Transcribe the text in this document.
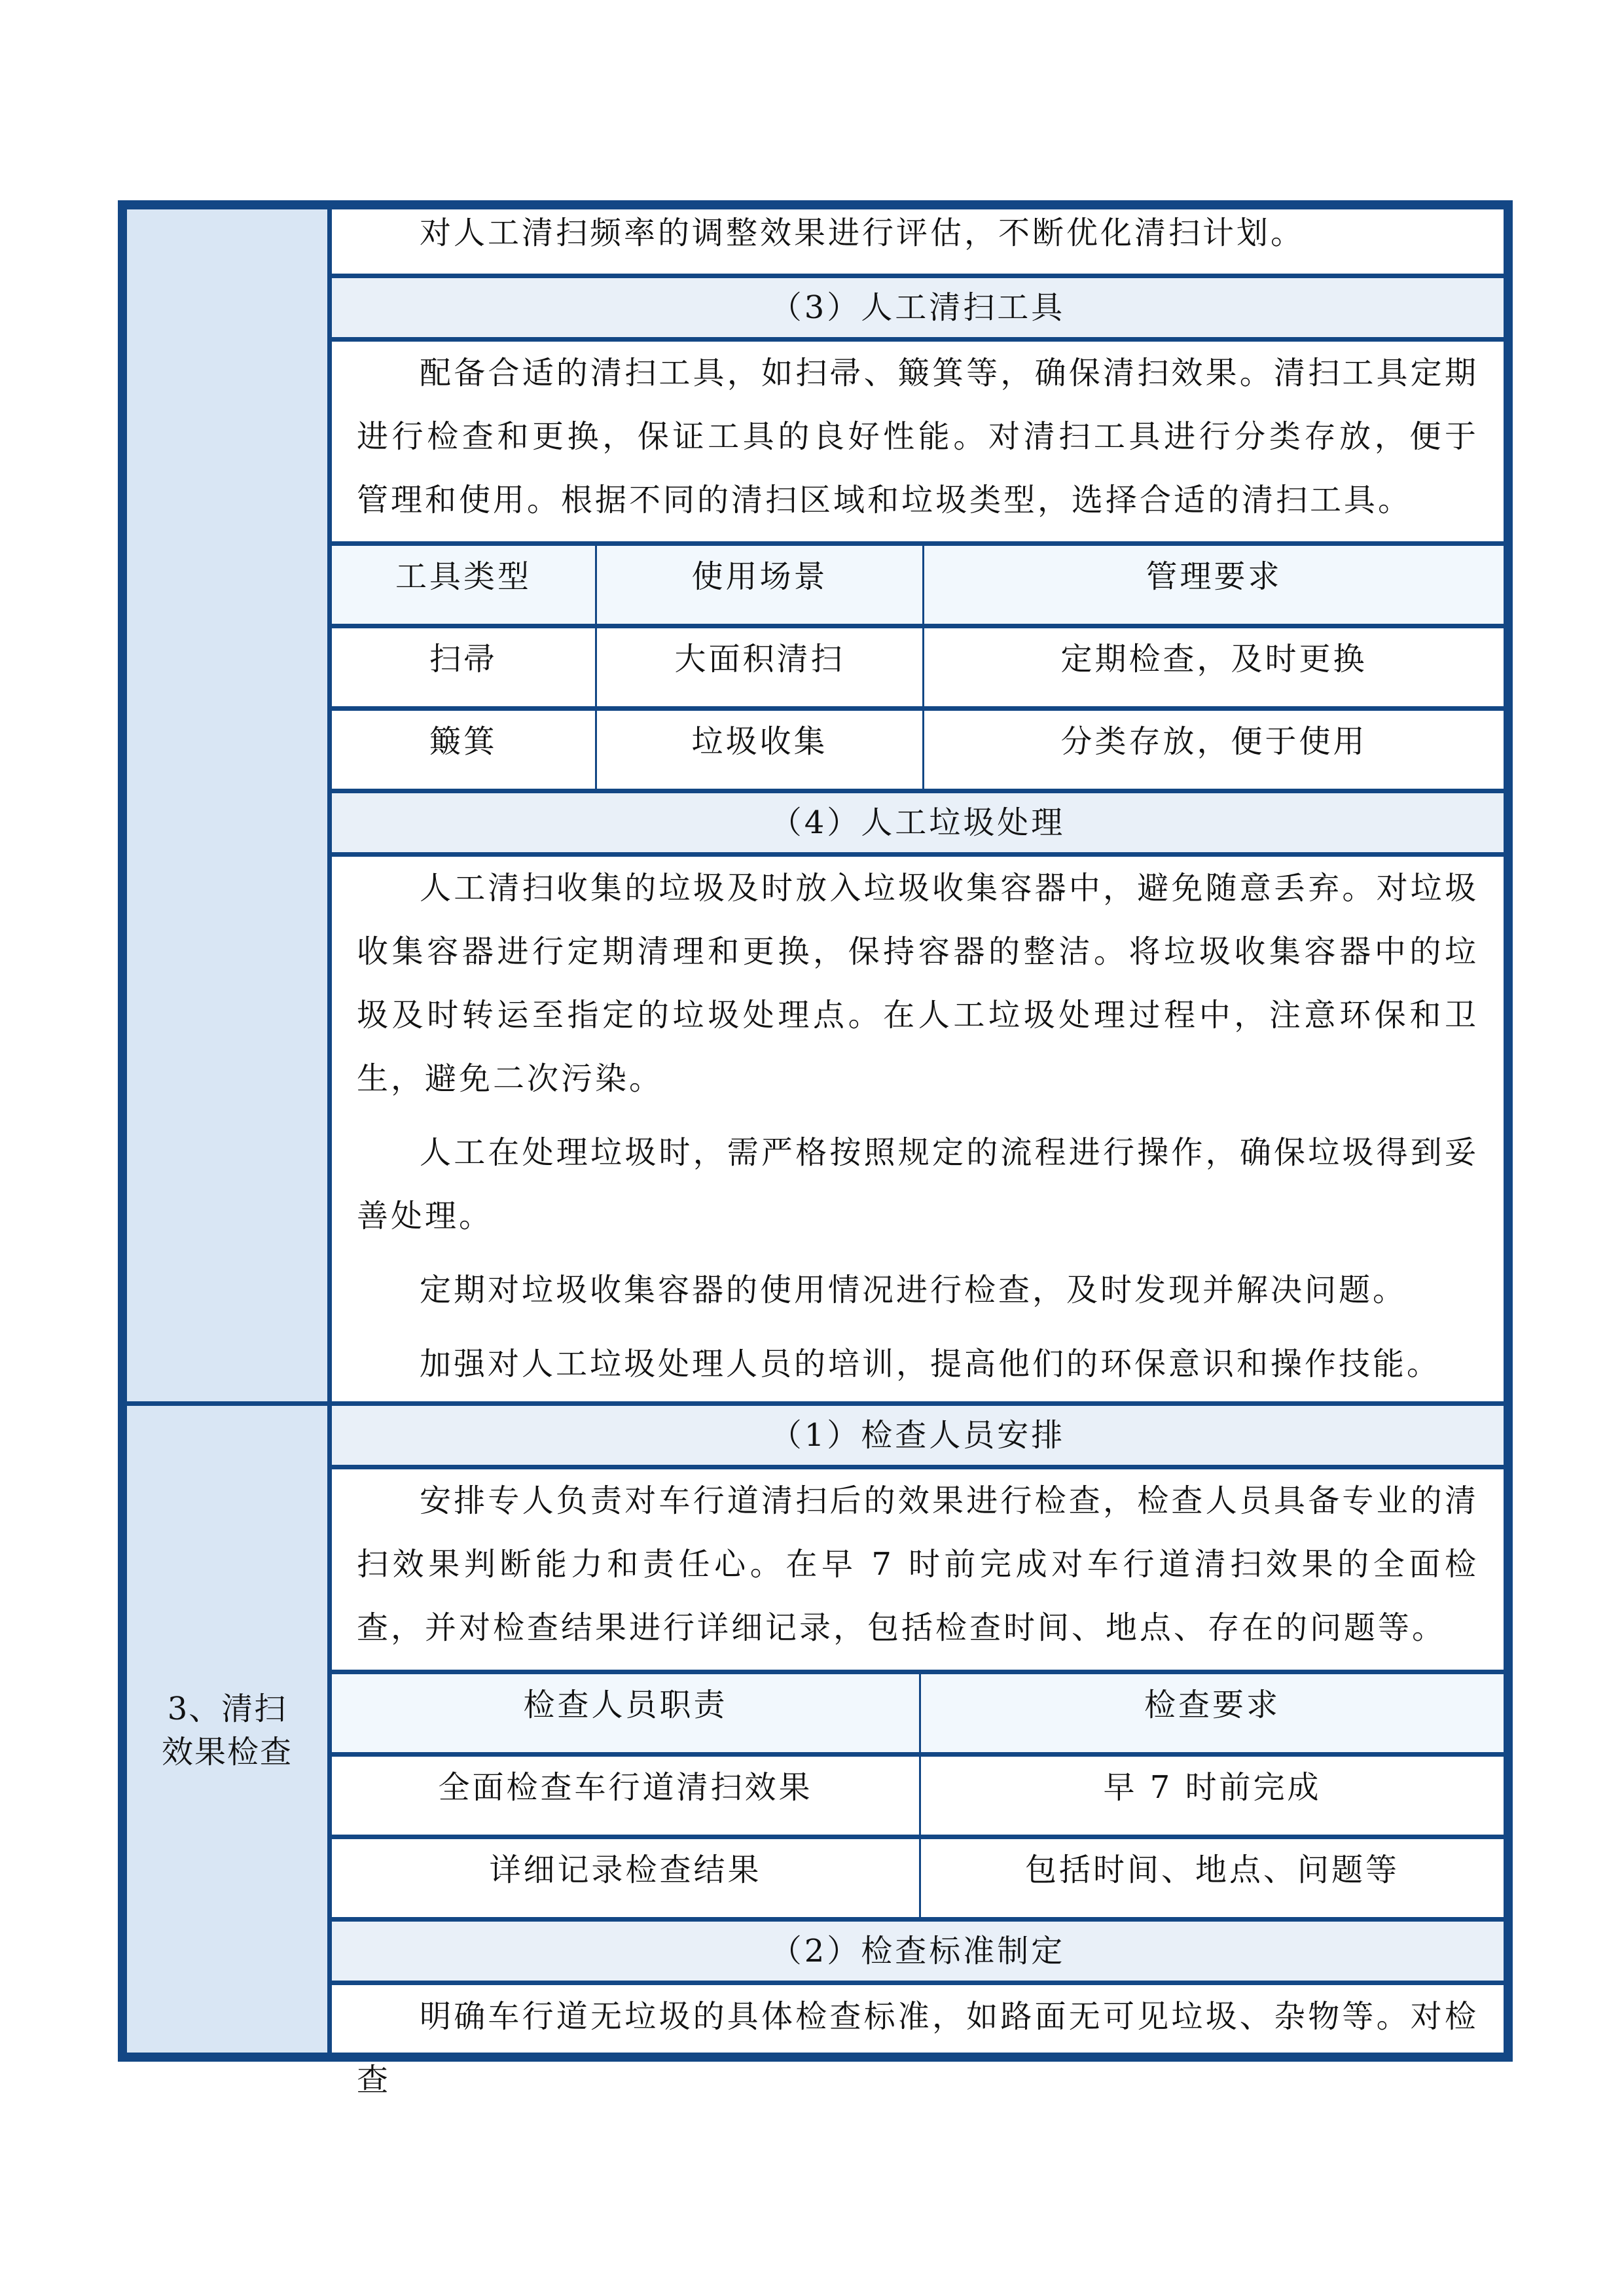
3、清扫效果检查

对人工清扫频率的调整效果进行评估，不断优化清扫计划。

（3）人工清扫工具

配备合适的清扫工具，如扫帚、簸箕等，确保清扫效果。清扫工具定期进行检查和更换，保证工具的良好性能。对清扫工具进行分类存放，便于管理和使用。根据不同的清扫区域和垃圾类型，选择合适的清扫工具。

工具类型	使用场景	管理要求
扫帚	大面积清扫	定期检查，及时更换
簸箕	垃圾收集	分类存放，便于使用
（4）人工垃圾处理

人工清扫收集的垃圾及时放入垃圾收集容器中，避免随意丢弃。对垃圾收集容器进行定期清理和更换，保持容器的整洁。将垃圾收集容器中的垃圾及时转运至指定的垃圾处理点。在人工垃圾处理过程中，注意环保和卫生，避免二次污染。

人工在处理垃圾时，需严格按照规定的流程进行操作，确保垃圾得到妥善处理。

定期对垃圾收集容器的使用情况进行检查，及时发现并解决问题。

加强对人工垃圾处理人员的培训，提高他们的环保意识和操作技能。

（1）检查人员安排

安排专人负责对车行道清扫后的效果进行检查，检查人员具备专业的清扫效果判断能力和责任心。在早 7 时前完成对车行道清扫效果的全面检查，并对检查结果进行详细记录，包括检查时间、地点、存在的问题等。

检查人员职责	检查要求
全面检查车行道清扫效果	早 7 时前完成
详细记录检查结果	包括时间、地点、问题等
（2）检查标准制定

明确车行道无垃圾的具体检查标准，如路面无可见垃圾、杂物等。对检查
